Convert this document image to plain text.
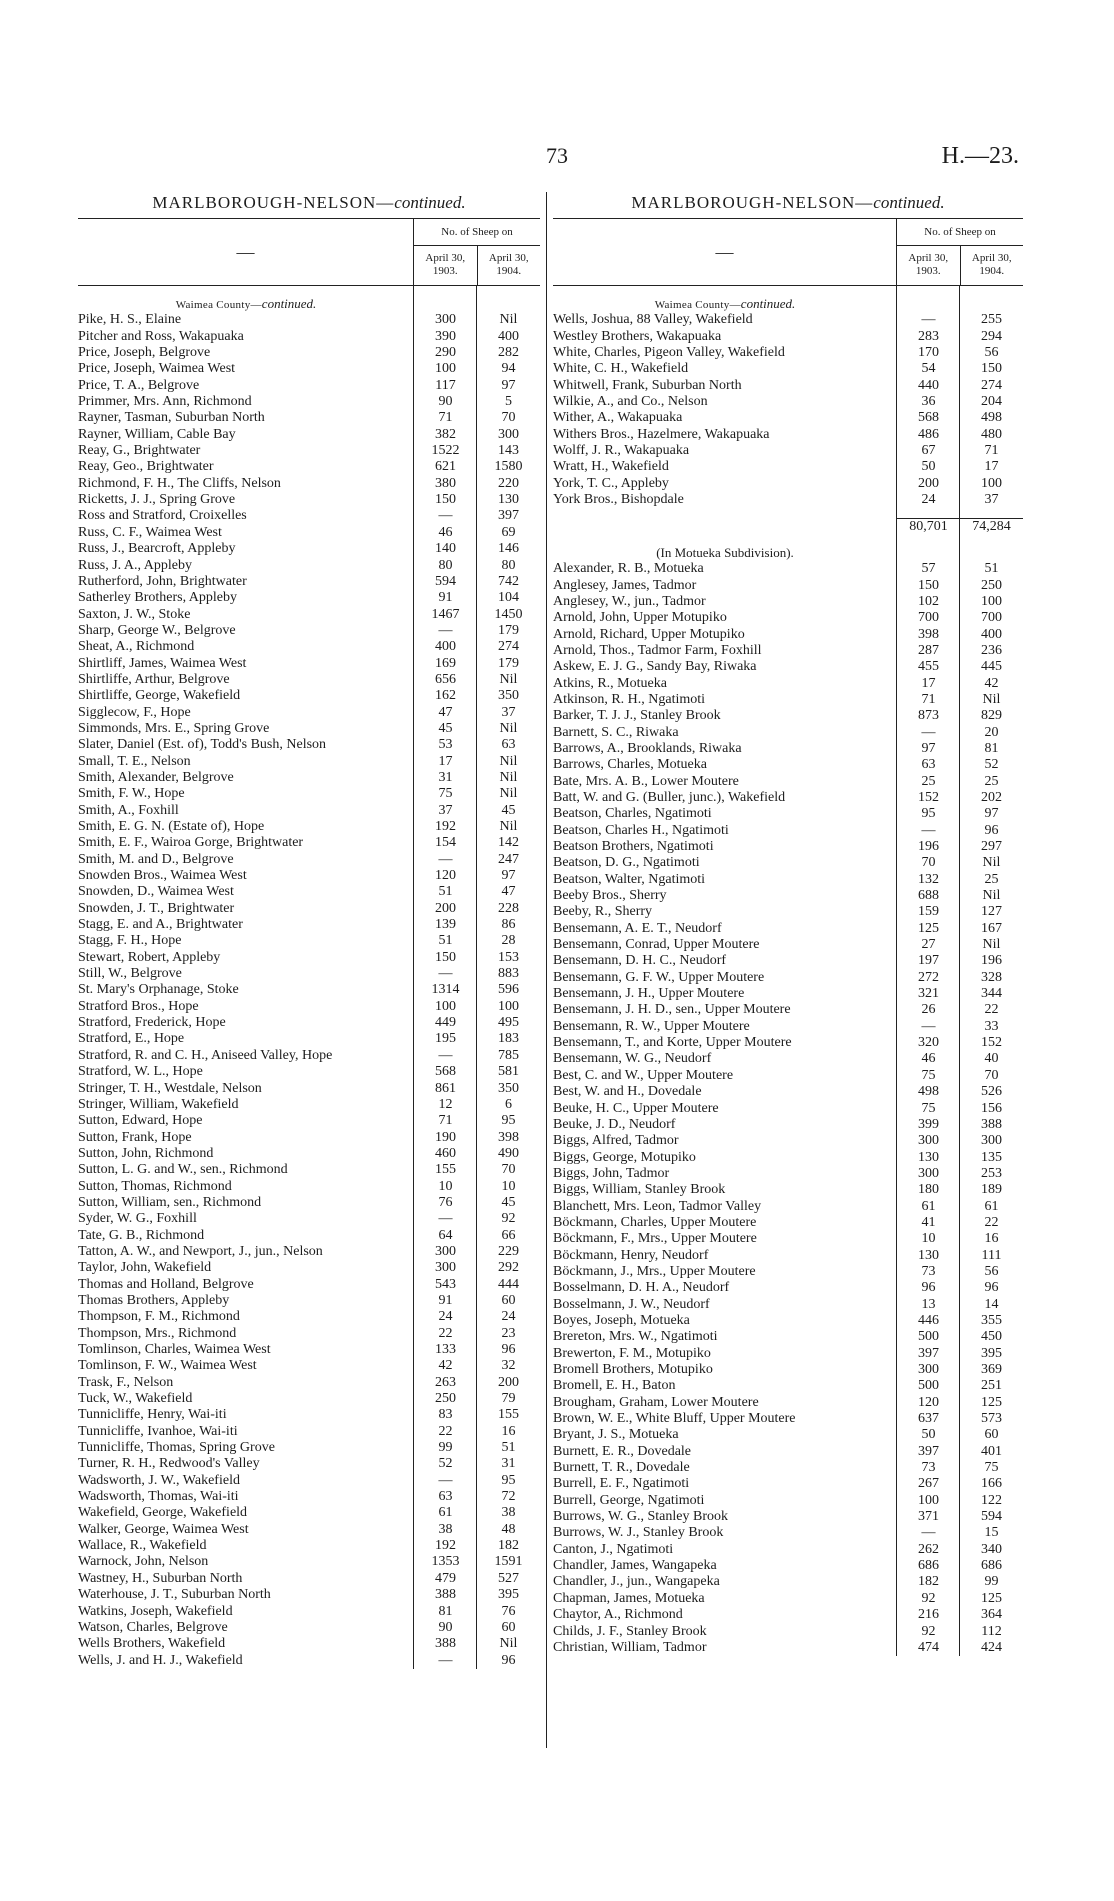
73	H.—23.
MARLBOROUGH-NELSON—continued.
—
No. of Sheep on
April 30, 1903.
April 30, 1904.
Waimea County—continued.
Pike, H. S., Elaine	300	Nil
Pitcher and Ross, Wakapuaka	390	400
Price, Joseph, Belgrove	290	282
Price, Joseph, Waimea West	100	94
Price, T. A., Belgrove	117	97
Primmer, Mrs. Ann, Richmond	90	5
Rayner, Tasman, Suburban North	71	70
Rayner, William, Cable Bay	382	300
Reay, G., Brightwater	1522	143
Reay, Geo., Brightwater	621	1580
Richmond, F. H., The Cliffs, Nelson	380	220
Ricketts, J. J., Spring Grove	150	130
Ross and Stratford, Croixelles	—	397
Russ, C. F., Waimea West	46	69
Russ, J., Bearcroft, Appleby	140	146
Russ, J. A., Appleby	80	80
Rutherford, John, Brightwater	594	742
Satherley Brothers, Appleby	91	104
Saxton, J. W., Stoke	1467	1450
Sharp, George W., Belgrove	—	179
Sheat, A., Richmond	400	274
Shirtliff, James, Waimea West	169	179
Shirtliffe, Arthur, Belgrove	656	Nil
Shirtliffe, George, Wakefield	162	350
Sigglecow, F., Hope	47	37
Simmonds, Mrs. E., Spring Grove	45	Nil
Slater, Daniel (Est. of), Todd's Bush, Nelson	53	63
Small, T. E., Nelson	17	Nil
Smith, Alexander, Belgrove	31	Nil
Smith, F. W., Hope	75	Nil
Smith, A., Foxhill	37	45
Smith, E. G. N. (Estate of), Hope	192	Nil
Smith, E. F., Wairoa Gorge, Brightwater	154	142
Smith, M. and D., Belgrove	—	247
Snowden Bros., Waimea West	120	97
Snowden, D., Waimea West	51	47
Snowden, J. T., Brightwater	200	228
Stagg, E. and A., Brightwater	139	86
Stagg, F. H., Hope	51	28
Stewart, Robert, Appleby	150	153
Still, W., Belgrove	—	883
St. Mary's Orphanage, Stoke	1314	596
Stratford Bros., Hope	100	100
Stratford, Frederick, Hope	449	495
Stratford, E., Hope	195	183
Stratford, R. and C. H., Aniseed Valley, Hope	—	785
Stratford, W. L., Hope	568	581
Stringer, T. H., Westdale, Nelson	861	350
Stringer, William, Wakefield	12	6
Sutton, Edward, Hope	71	95
Sutton, Frank, Hope	190	398
Sutton, John, Richmond	460	490
Sutton, L. G. and W., sen., Richmond	155	70
Sutton, Thomas, Richmond	10	10
Sutton, William, sen., Richmond	76	45
Syder, W. G., Foxhill	—	92
Tate, G. B., Richmond	64	66
Tatton, A. W., and Newport, J., jun., Nelson	300	229
Taylor, John, Wakefield	300	292
Thomas and Holland, Belgrove	543	444
Thomas Brothers, Appleby	91	60
Thompson, F. M., Richmond	24	24
Thompson, Mrs., Richmond	22	23
Tomlinson, Charles, Waimea West	133	96
Tomlinson, F. W., Waimea West	42	32
Trask, F., Nelson	263	200
Tuck, W., Wakefield	250	79
Tunnicliffe, Henry, Wai-iti	83	155
Tunnicliffe, Ivanhoe, Wai-iti	22	16
Tunnicliffe, Thomas, Spring Grove	99	51
Turner, R. H., Redwood's Valley	52	31
Wadsworth, J. W., Wakefield	—	95
Wadsworth, Thomas, Wai-iti	63	72
Wakefield, George, Wakefield	61	38
Walker, George, Waimea West	38	48
Wallace, R., Wakefield	192	182
Warnock, John, Nelson	1353	1591
Wastney, H., Suburban North	479	527
Waterhouse, J. T., Suburban North	388	395
Watkins, Joseph, Wakefield	81	76
Watson, Charles, Belgrove	90	60
Wells Brothers, Wakefield	388	Nil
Wells, J. and H. J., Wakefield	—	96
MARLBOROUGH-NELSON—continued.
—
No. of Sheep on
April 30, 1903.
April 30, 1904.
Waimea County—continued.
Wells, Joshua, 88 Valley, Wakefield	—	255
Westley Brothers, Wakapuaka	283	294
White, Charles, Pigeon Valley, Wakefield	170	56
White, C. H., Wakefield	54	150
Whitwell, Frank, Suburban North	440	274
Wilkie, A., and Co., Nelson	36	204
Wither, A., Wakapuaka	568	498
Withers Bros., Hazelmere, Wakapuaka	486	480
Wolff, J. R., Wakapuaka	67	71
Wratt, H., Wakefield	50	17
York, T. C., Appleby	200	100
York Bros., Bishopdale	24	37
80,701	74,284
(In Motueka Subdivision).
Alexander, R. B., Motueka	57	51
Anglesey, James, Tadmor	150	250
Anglesey, W., jun., Tadmor	102	100
Arnold, John, Upper Motupiko	700	700
Arnold, Richard, Upper Motupiko	398	400
Arnold, Thos., Tadmor Farm, Foxhill	287	236
Askew, E. J. G., Sandy Bay, Riwaka	455	445
Atkins, R., Motueka	17	42
Atkinson, R. H., Ngatimoti	71	Nil
Barker, T. J. J., Stanley Brook	873	829
Barnett, S. C., Riwaka	—	20
Barrows, A., Brooklands, Riwaka	97	81
Barrows, Charles, Motueka	63	52
Bate, Mrs. A. B., Lower Moutere	25	25
Batt, W. and G. (Buller, junc.), Wakefield	152	202
Beatson, Charles, Ngatimoti	95	97
Beatson, Charles H., Ngatimoti	—	96
Beatson Brothers, Ngatimoti	196	297
Beatson, D. G., Ngatimoti	70	Nil
Beatson, Walter, Ngatimoti	132	25
Beeby Bros., Sherry	688	Nil
Beeby, R., Sherry	159	127
Bensemann, A. E. T., Neudorf	125	167
Bensemann, Conrad, Upper Moutere	27	Nil
Bensemann, D. H. C., Neudorf	197	196
Bensemann, G. F. W., Upper Moutere	272	328
Bensemann, J. H., Upper Moutere	321	344
Bensemann, J. H. D., sen., Upper Moutere	26	22
Bensemann, R. W., Upper Moutere	—	33
Bensemann, T., and Korte, Upper Moutere	320	152
Bensemann, W. G., Neudorf	46	40
Best, C. and W., Upper Moutere	75	70
Best, W. and H., Dovedale	498	526
Beuke, H. C., Upper Moutere	75	156
Beuke, J. D., Neudorf	399	388
Biggs, Alfred, Tadmor	300	300
Biggs, George, Motupiko	130	135
Biggs, John, Tadmor	300	253
Biggs, William, Stanley Brook	180	189
Blanchett, Mrs. Leon, Tadmor Valley	61	61
Böckmann, Charles, Upper Moutere	41	22
Böckmann, F., Mrs., Upper Moutere	10	16
Böckmann, Henry, Neudorf	130	111
Böckmann, J., Mrs., Upper Moutere	73	56
Bosselmann, D. H. A., Neudorf	96	96
Bosselmann, J. W., Neudorf	13	14
Boyes, Joseph, Motueka	446	355
Brereton, Mrs. W., Ngatimoti	500	450
Brewerton, F. M., Motupiko	397	395
Bromell Brothers, Motupiko	300	369
Bromell, E. H., Baton	500	251
Brougham, Graham, Lower Moutere	120	125
Brown, W. E., White Bluff, Upper Moutere	637	573
Bryant, J. S., Motueka	50	60
Burnett, E. R., Dovedale	397	401
Burnett, T. R., Dovedale	73	75
Burrell, E. F., Ngatimoti	267	166
Burrell, George, Ngatimoti	100	122
Burrows, W. G., Stanley Brook	371	594
Burrows, W. J., Stanley Brook	—	15
Canton, J., Ngatimoti	262	340
Chandler, James, Wangapeka	686	686
Chandler, J., jun., Wangapeka	182	99
Chapman, James, Motueka	92	125
Chaytor, A., Richmond	216	364
Childs, J. F., Stanley Brook	92	112
Christian, William, Tadmor	474	424
